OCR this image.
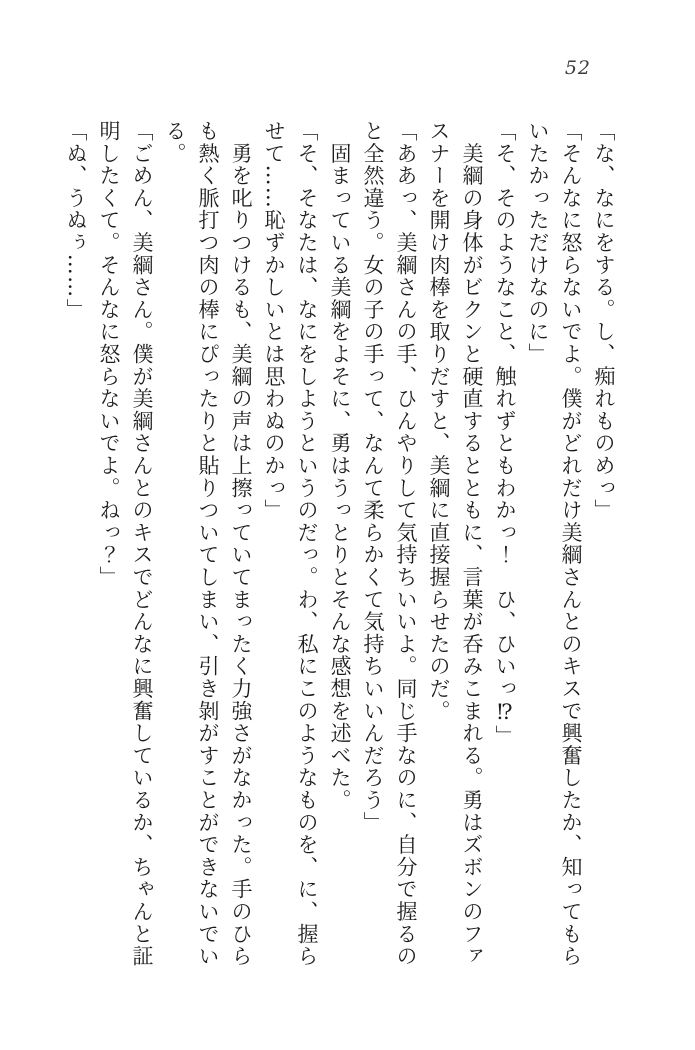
52
「な、なにをする。し、痴れものめっ」
「そんなに怒らないでよ。僕がどれだけ美綱さんとのキスで興奮したか、知ってもら
いたかっただけなのに」
「そ、そのようなこと、触れずともわかっ！　ひ、ひいっ⁉」
　美綱の身体がビクンと硬直するとともに、言葉が呑みこまれる。勇はズボンのファ
スナーを開け肉棒を取りだすと、美綱に直接握らせたのだ。
「ああっ、美綱さんの手、ひんやりして気持ちいいよ。同じ手なのに、自分で握るの
と全然違う。女の子の手って、なんて柔らかくて気持ちいいんだろう」
　固まっている美綱をよそに、勇はうっとりとそんな感想を述べた。
「そ、そなたは、なにをしようというのだっ。わ、私にこのようなものを、に、握ら
せて……恥ずかしいとは思わぬのかっ」
　勇を叱りつけるも、美綱の声は上擦っていてまったく力強さがなかった。手のひら
も熱く脈打つ肉の棒にぴったりと貼りついてしまい、引き剝がすことができないでい
る。
「ごめん、美綱さん。僕が美綱さんとのキスでどんなに興奮しているか、ちゃんと証
明したくて。そんなに怒らないでよ。ねっ？」
「ぬ、うぬぅ……」
